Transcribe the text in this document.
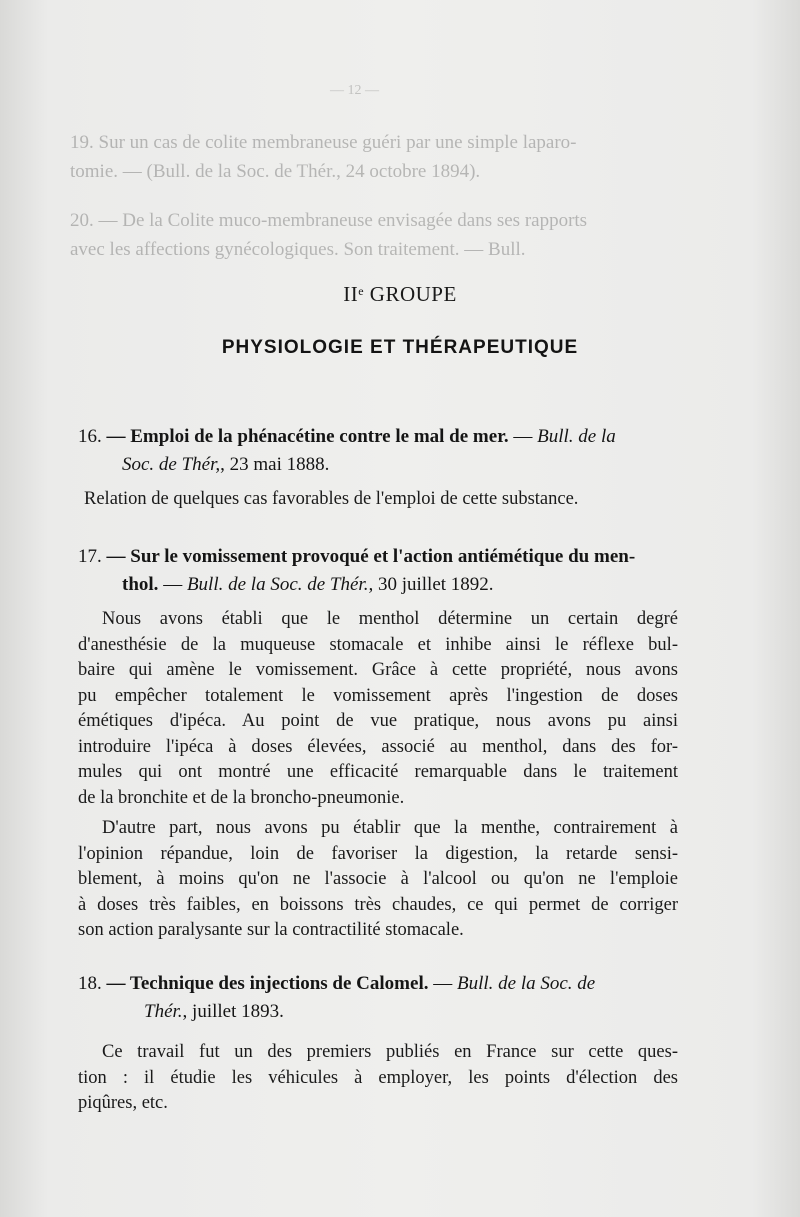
— 12 —
19. Sur un cas de colite membraneuse guéri par une simple laparo-
tomie. — (Bull. de la Soc. de Thér., 24 octobre 1894).
20. — De la Colite muco-membraneuse envisagée dans ses rapports
avec les affections gynécologiques. Son traitement. — Bull.
IIe GROUPE
PHYSIOLOGIE ET THÉRAPEUTIQUE
16. — Emploi de la phénacétine contre le mal de mer. — Bull. de la
Soc. de Thér,, 23 mai 1888.
Relation de quelques cas favorables de l'emploi de cette substance.
17. — Sur le vomissement provoqué et l'action antiémétique du men-
thol. — Bull. de la Soc. de Thér., 30 juillet 1892.
Nous avons établi que le menthol détermine un certain degré
d'anesthésie de la muqueuse stomacale et inhibe ainsi le réflexe bul-
baire qui amène le vomissement. Grâce à cette propriété, nous avons
pu empêcher totalement le vomissement après l'ingestion de doses
émétiques d'ipéca. Au point de vue pratique, nous avons pu ainsi
introduire l'ipéca à doses élevées, associé au menthol, dans des for-
mules qui ont montré une efficacité remarquable dans le traitement
de la bronchite et de la broncho-pneumonie.
D'autre part, nous avons pu établir que la menthe, contrairement à
l'opinion répandue, loin de favoriser la digestion, la retarde sensi-
blement, à moins qu'on ne l'associe à l'alcool ou qu'on ne l'emploie
à doses très faibles, en boissons très chaudes, ce qui permet de corriger
son action paralysante sur la contractilité stomacale.
18. — Technique des injections de Calomel. — Bull. de la Soc. de
Thér., juillet 1893.
Ce travail fut un des premiers publiés en France sur cette ques-
tion : il étudie les véhicules à employer, les points d'élection des
piqûres, etc.
